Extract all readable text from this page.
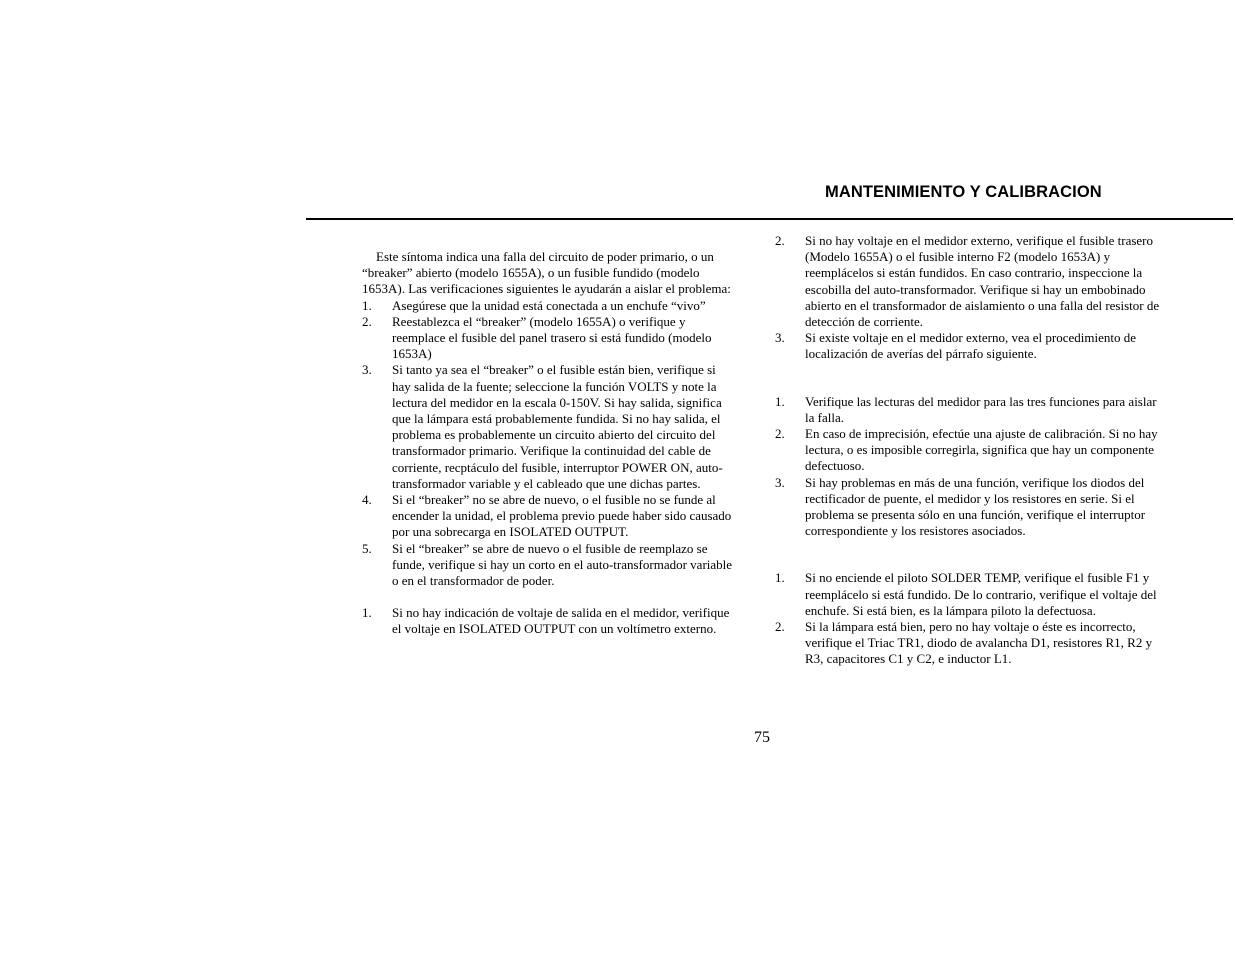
MANTENIMIENTO Y CALIBRACION

Este síntoma indica una falla del circuito de poder primario, o un “breaker” abierto (modelo 1655A), o un fusible fundido (modelo 1653A). Las verificaciones siguientes le ayudarán a aislar el problema:

1. Asegúrese que la unidad está conectada a un enchufe “vivo”
2. Reestablezca el “breaker” (modelo 1655A) o verifique y reemplace el fusible del panel trasero si está fundido (modelo 1653A)
3. Si tanto ya sea el “breaker” o el fusible están bien, verifique si hay salida de la fuente; seleccione la función VOLTS y note la lectura del medidor en la escala 0-150V. Si hay salida, significa que la lámpara está probablemente fundida. Si no hay salida, el problema es probablemente un circuito abierto del circuito del transformador primario. Verifique la continuidad del cable de corriente, recptáculo del fusible, interruptor POWER ON, auto-transformador variable y el cableado que une dichas partes.
4. Si el “breaker” no se abre de nuevo, o el fusible no se funde al encender la unidad, el problema previo puede haber sido causado por una sobrecarga en ISOLATED OUTPUT.
5. Si el “breaker” se abre de nuevo o el fusible de reemplazo se funde, verifique si hay un corto en el auto-transformador variable o en el transformador de poder.
1. Si no hay indicación de voltaje de salida en el medidor, verifique el voltaje en ISOLATED OUTPUT con un voltímetro externo.
2. Si no hay voltaje en el medidor externo, verifique el fusible trasero (Modelo 1655A) o el fusible interno F2 (modelo 1653A) y reemplácelos si están fundidos. En caso contrario, inspeccione la escobilla del auto-transformador. Verifique si hay un embobinado abierto en el transformador de aislamiento o una falla del resistor de detección de corriente.
3. Si existe voltaje en el medidor externo, vea el procedimiento de localización de averías del párrafo siguiente.
1. Verifique las lecturas del medidor para las tres funciones para aislar la falla.
2. En caso de imprecisión, efectúe una ajuste de calibración. Si no hay lectura, o es imposible corregirla, significa que hay un componente defectuoso.
3. Si hay problemas en más de una función, verifique los diodos del rectificador de puente, el medidor y los resistores en serie. Si el problema se presenta sólo en una función, verifique el interruptor correspondiente y los resistores asociados.
1. Si no enciende el piloto SOLDER TEMP, verifique el fusible F1 y reemplácelo si está fundido. De lo contrario, verifique el voltaje del enchufe. Si está bien, es la lámpara piloto la defectuosa.
2. Si la lámpara está bien, pero no hay voltaje o éste es incorrecto, verifique el Triac TR1, diodo de avalancha D1, resistores R1, R2 y R3, capacitores C1 y C2, e inductor L1.
75
